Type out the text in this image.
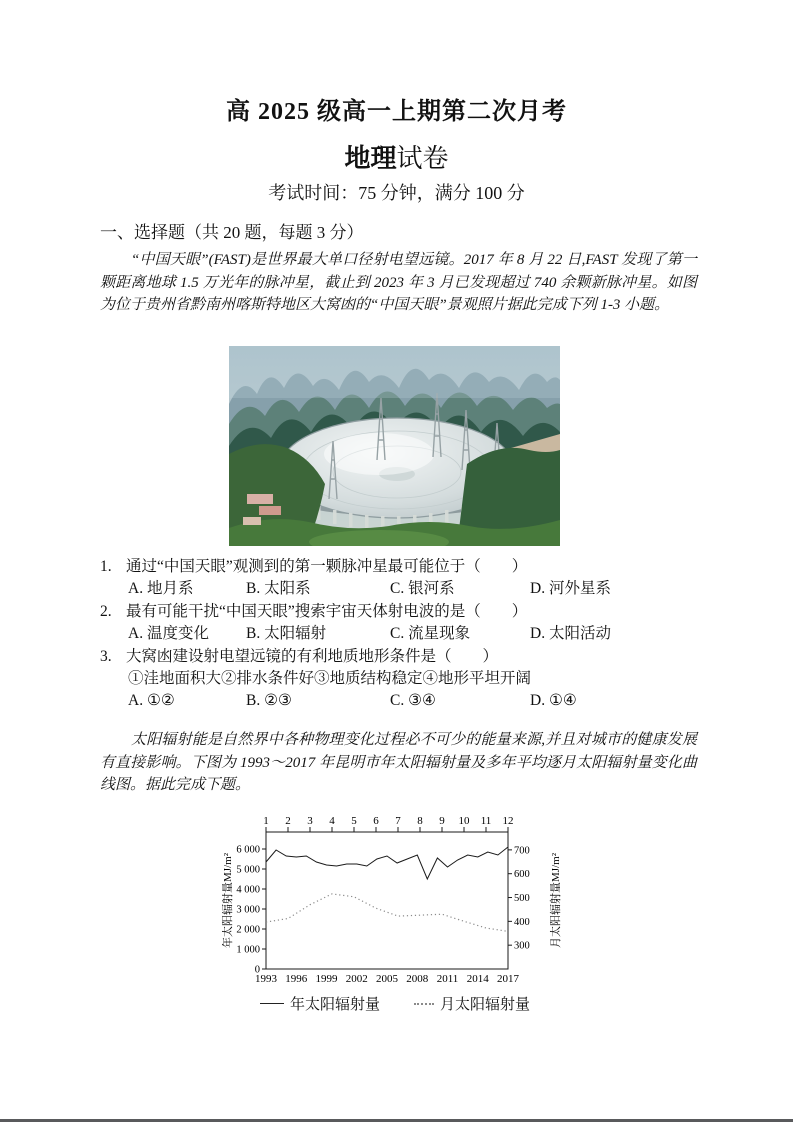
高 2025 级高一上期第二次月考
地理试卷
考试时间：75 分钟，满分 100 分
一、选择题（共 20 题，每题 3 分）

“中国天眼”(FAST)是世界最大单口径射电望远镜。2017 年 8 月 22 日,FAST 发现了第一颗距离地球 1.5 万光年的脉冲星，截止到 2023 年 3 月已发现超过 740 余颗新脉冲星。如图为位于贵州省黔南州喀斯特地区大窝凼的“中国天眼”景观照片据此完成下列 1-3 小题。

1. 通过“中国天眼”观测到的第一颗脉冲星最可能位于（　　）
A. 地月系	B. 太阳系	C. 银河系	D. 河外星系
2. 最有可能干扰“中国天眼”搜索宇宙天体射电波的是（　　）
A. 温度变化	B. 太阳辐射	C. 流星现象	D. 太阳活动
3. 大窝凼建设射电望远镜的有利地质地形条件是（　　）
①洼地面积大②排水条件好③地质结构稳定④地形平坦开阔
A. ①②	B. ②③	C. ③④	D. ①④

太阳辐射能是自然界中各种物理变化过程必不可少的能量来源,并且对城市的健康发展有直接影响。下图为 1993～2017 年昆明市年太阳辐射量及多年平均逐月太阳辐射量变化曲线图。据此完成下题。

1 2 3 4 5 6 7 8 9 10 11 12
0
1 000
2 000
3 000
4 000
5 000
6 000
300
400
500
600
700
1993 1996 1999 2002 2005 2008 2011 2014 2017
年太阳辐射量MJ/m²	月太阳辐射量MJ/m²
年太阳辐射量	月太阳辐射量
